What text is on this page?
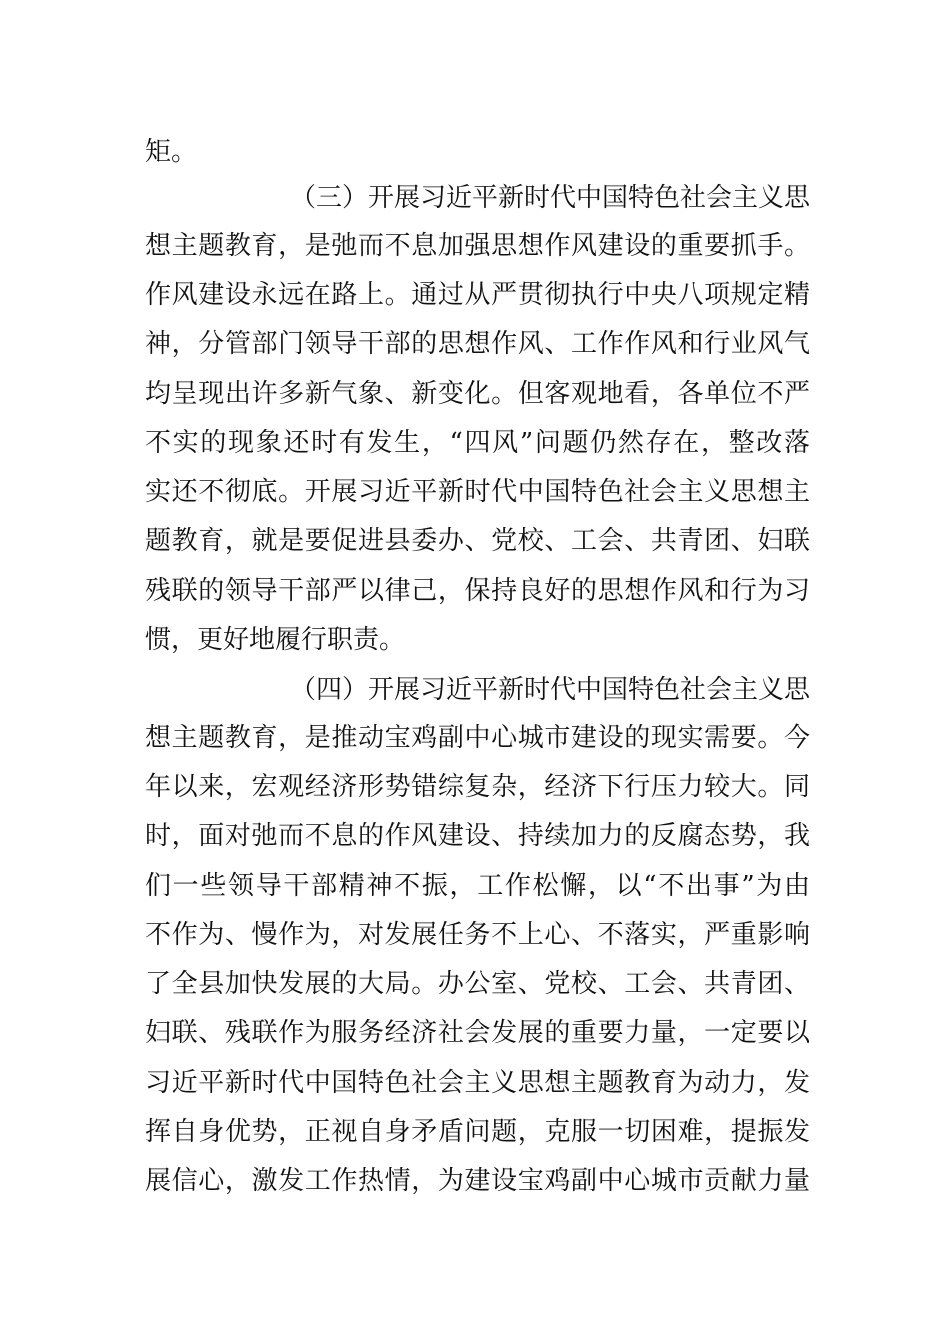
矩。
（三）开展习近平新时代中国特色社会主义思
想主题教育，是弛而不息加强思想作风建设的重要抓手。
作风建设永远在路上。通过从严贯彻执行中央八项规定精
神，分管部门领导干部的思想作风、工作作风和行业风气
均呈现出许多新气象、新变化。但客观地看，各单位不严
不实的现象还时有发生，“四风”问题仍然存在，整改落
实还不彻底。开展习近平新时代中国特色社会主义思想主
题教育，就是要促进县委办、党校、工会、共青团、妇联
残联的领导干部严以律己，保持良好的思想作风和行为习
惯，更好地履行职责。
（四）开展习近平新时代中国特色社会主义思
想主题教育，是推动宝鸡副中心城市建设的现实需要。今
年以来，宏观经济形势错综复杂，经济下行压力较大。同
时，面对弛而不息的作风建设、持续加力的反腐态势，我
们一些领导干部精神不振，工作松懈，以“不出事”为由
不作为、慢作为，对发展任务不上心、不落实，严重影响
了全县加快发展的大局。办公室、党校、工会、共青团、
妇联、残联作为服务经济社会发展的重要力量，一定要以
习近平新时代中国特色社会主义思想主题教育为动力，发
挥自身优势，正视自身矛盾问题，克服一切困难，提振发
展信心，激发工作热情，为建设宝鸡副中心城市贡献力量
